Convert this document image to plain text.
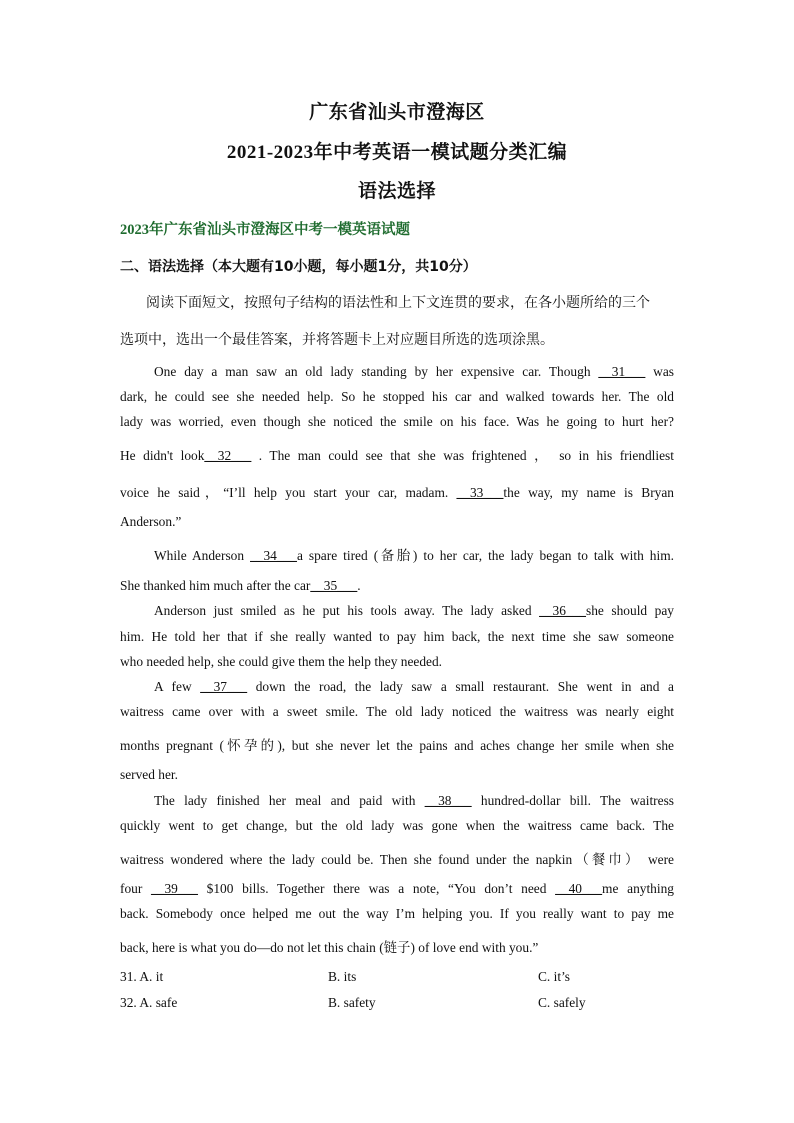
广东省汕头市澄海区
2021-2023年中考英语一模试题分类汇编
语法选择
2023年广东省汕头市澄海区中考一模英语试题
二、语法选择（本大题有10小题，每小题1分，共10分）
阅读下面短文，按照句子结构的语法性和上下文连贯的要求，在各小题所给的三个
选项中，选出一个最佳答案，并将答题卡上对应题目所选的选项涂黑。
One day a man saw an old lady standing by her expensive car. Though __31___ was
dark, he could see she needed help. So he stopped his car and walked towards her. The old
lady was worried, even though she noticed the smile on his face. Was he going to hurt her?
He didn't look__32___ . The man could see that she was frightened ， so in his friendliest
voice he said，“I’ll help you start your car, madam. __33___the way, my name is Bryan
Anderson.”
While Anderson __34___a spare tired (备胎) to her car, the lady began to talk with him.
She thanked him much after the car__35___.
Anderson just smiled as he put his tools away. The lady asked __36___she should pay
him. He told her that if she really wanted to pay him back, the next time she saw someone
who needed help, she could give them the help they needed.
A few __37___ down the road, the lady saw a small restaurant. She went in and a
waitress came over with a sweet smile. The old lady noticed the waitress was nearly eight
months pregnant (怀孕的), but she never let the pains and aches change her smile when she
served her.
The lady finished her meal and paid with __38___ hundred-dollar bill. The waitress
quickly went to get change, but the old lady was gone when the waitress came back. The
waitress wondered where the lady could be. Then she found under the napkin（餐巾） were
four __39___ $100 bills. Together there was a note, “You don’t need __40___me anything
back. Somebody once helped me out the way I’m helping you. If you really want to pay me
back, here is what you do—do not let this chain (链子) of love end with you.”
31. A. it	B. its	C. it’s
32. A. safe	B. safety	C. safely
